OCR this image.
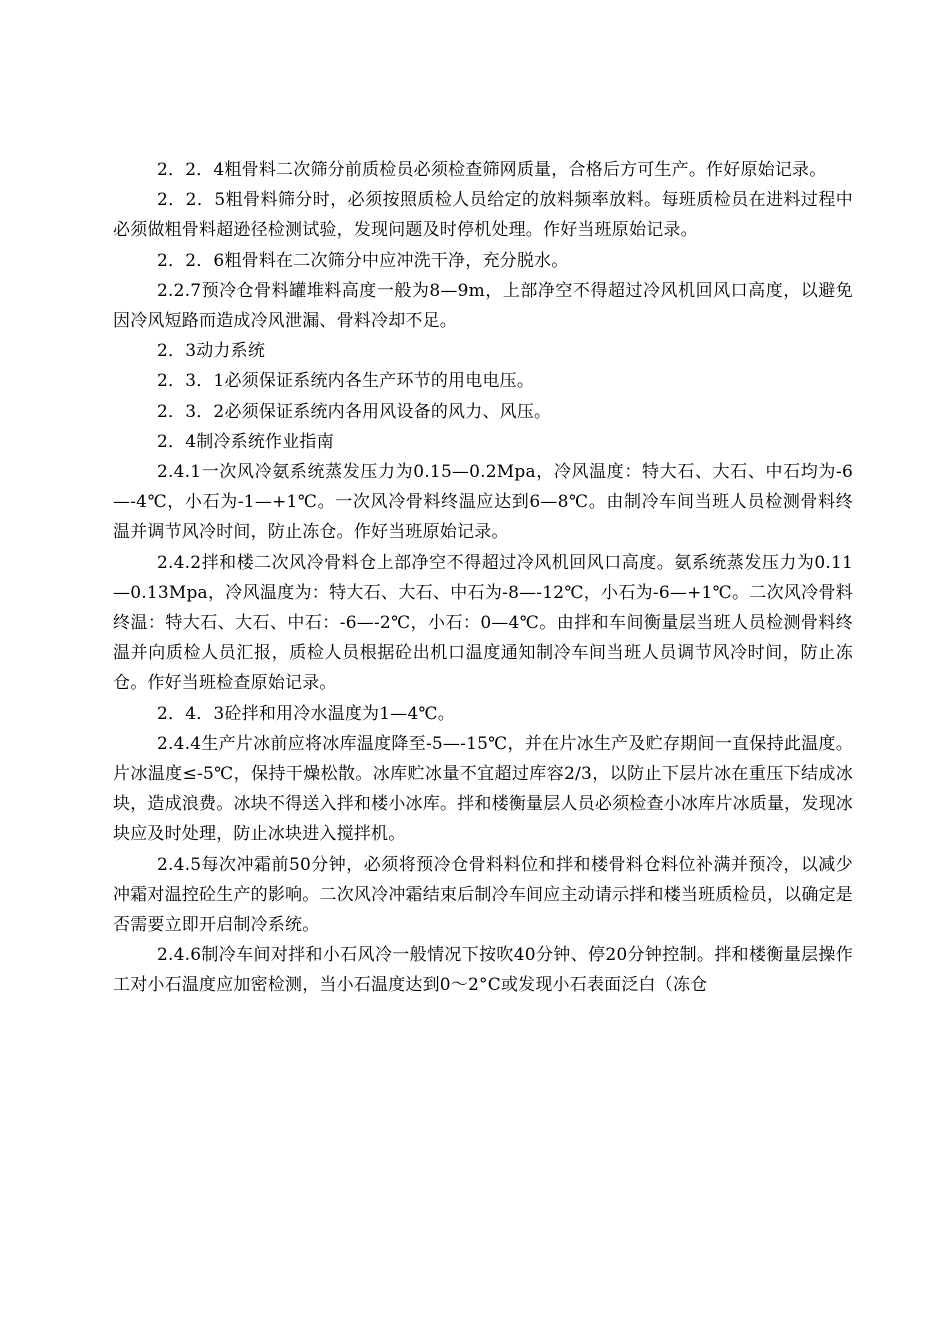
2．2．4粗骨料二次筛分前质检员必须检查筛网质量，合格后方可生产。作好原始记录。

2．2．5粗骨料筛分时，必须按照质检人员给定的放料频率放料。每班质检员在进料过程中必须做粗骨料超逊径检测试验，发现问题及时停机处理。作好当班原始记录。

2．2．6粗骨料在二次筛分中应冲洗干净，充分脱水。

2.2.7预冷仓骨料罐堆料高度一般为8—9m，上部净空不得超过冷风机回风口高度，以避免因冷风短路而造成冷风泄漏、骨料冷却不足。

2．3动力系统

2．3．1必须保证系统内各生产环节的用电电压。

2．3．2必须保证系统内各用风设备的风力、风压。

2．4制冷系统作业指南

2.4.1一次风冷氨系统蒸发压力为0.15—0.2Mpa，冷风温度：特大石、大石、中石均为-6—-4℃，小石为-1—+1℃。一次风冷骨料终温应达到6—8℃。由制冷车间当班人员检测骨料终温并调节风冷时间，防止冻仓。作好当班原始记录。

2.4.2拌和楼二次风冷骨料仓上部净空不得超过冷风机回风口高度。氨系统蒸发压力为0.11—0.13Mpa，冷风温度为：特大石、大石、中石为-8—-12℃，小石为-6—+1℃。二次风冷骨料终温：特大石、大石、中石：-6—-2℃，小石：0—4℃。由拌和车间衡量层当班人员检测骨料终温并向质检人员汇报，质检人员根据砼出机口温度通知制冷车间当班人员调节风冷时间，防止冻仓。作好当班检查原始记录。

2．4．3砼拌和用冷水温度为1—4℃。

2.4.4生产片冰前应将冰库温度降至-5—-15℃，并在片冰生产及贮存期间一直保持此温度。片冰温度≤-5℃，保持干燥松散。冰库贮冰量不宜超过库容2/3，以防止下层片冰在重压下结成冰块，造成浪费。冰块不得送入拌和楼小冰库。拌和楼衡量层人员必须检查小冰库片冰质量，发现冰块应及时处理，防止冰块进入搅拌机。

2.4.5每次冲霜前50分钟，必须将预冷仓骨料料位和拌和楼骨料仓料位补满并预冷，以减少冲霜对温控砼生产的影响。二次风冷冲霜结束后制冷车间应主动请示拌和楼当班质检员，以确定是否需要立即开启制冷系统。

2.4.6制冷车间对拌和小石风冷一般情况下按吹40分钟、停20分钟控制。拌和楼衡量层操作工对小石温度应加密检测，当小石温度达到0～2°C或发现小石表面泛白（冻仓
